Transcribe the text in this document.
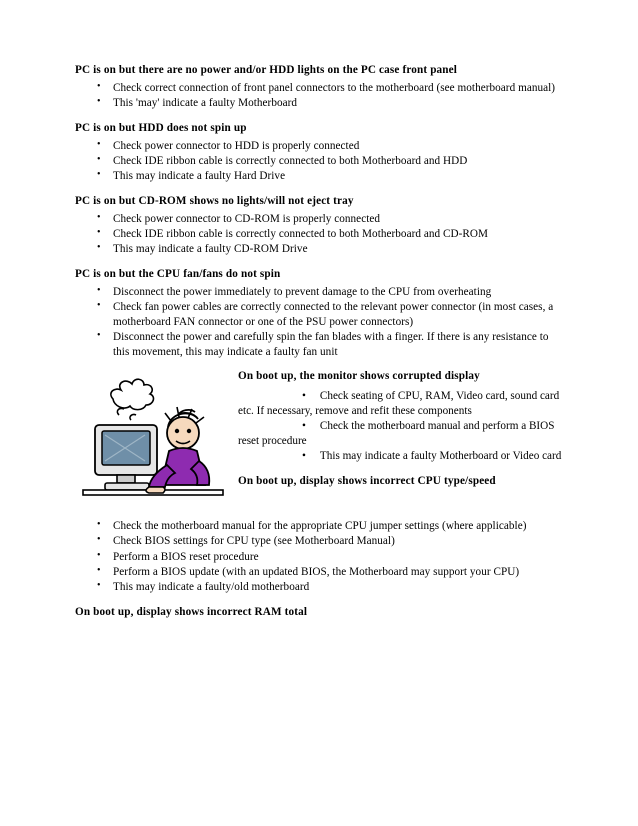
PC is on but there are no power and/or HDD lights on the PC case front panel
• Check correct connection of front panel connectors to the motherboard (see motherboard manual)
• This 'may' indicate a faulty Motherboard
PC is on but HDD does not spin up
• Check power connector to HDD is properly connected
• Check IDE ribbon cable is correctly connected to both Motherboard and HDD
• This may indicate a faulty Hard Drive
PC is on but CD-ROM shows no lights/will not eject tray
• Check power connector to CD-ROM is properly connected
• Check IDE ribbon cable is correctly connected to both Motherboard and CD-ROM
• This may indicate a faulty CD-ROM Drive
PC is on but the CPU fan/fans do not spin
• Disconnect the power immediately to prevent damage to the CPU from overheating
• Check fan power cables are correctly connected to the relevant power connector (in most cases, a motherboard FAN connector or one of the PSU power connectors)
• Disconnect the power and carefully spin the fan blades with a finger. If there is any resistance to this movement, this may indicate a faulty fan unit
On boot up, the monitor shows corrupted display
•     Check seating of CPU, RAM, Video card, sound card etc. If necessary, remove and refit these components
•     Check the motherboard manual and perform a BIOS reset procedure
•     This may indicate a faulty Motherboard or Video card
On boot up, display shows incorrect CPU type/speed
• Check the motherboard manual for the appropriate CPU jumper settings (where applicable)
• Check BIOS settings for CPU type (see Motherboard Manual)
• Perform a BIOS reset procedure
• Perform a BIOS update (with an updated BIOS, the Motherboard may support your CPU)
• This may indicate a faulty/old motherboard
On boot up, display shows incorrect RAM total
